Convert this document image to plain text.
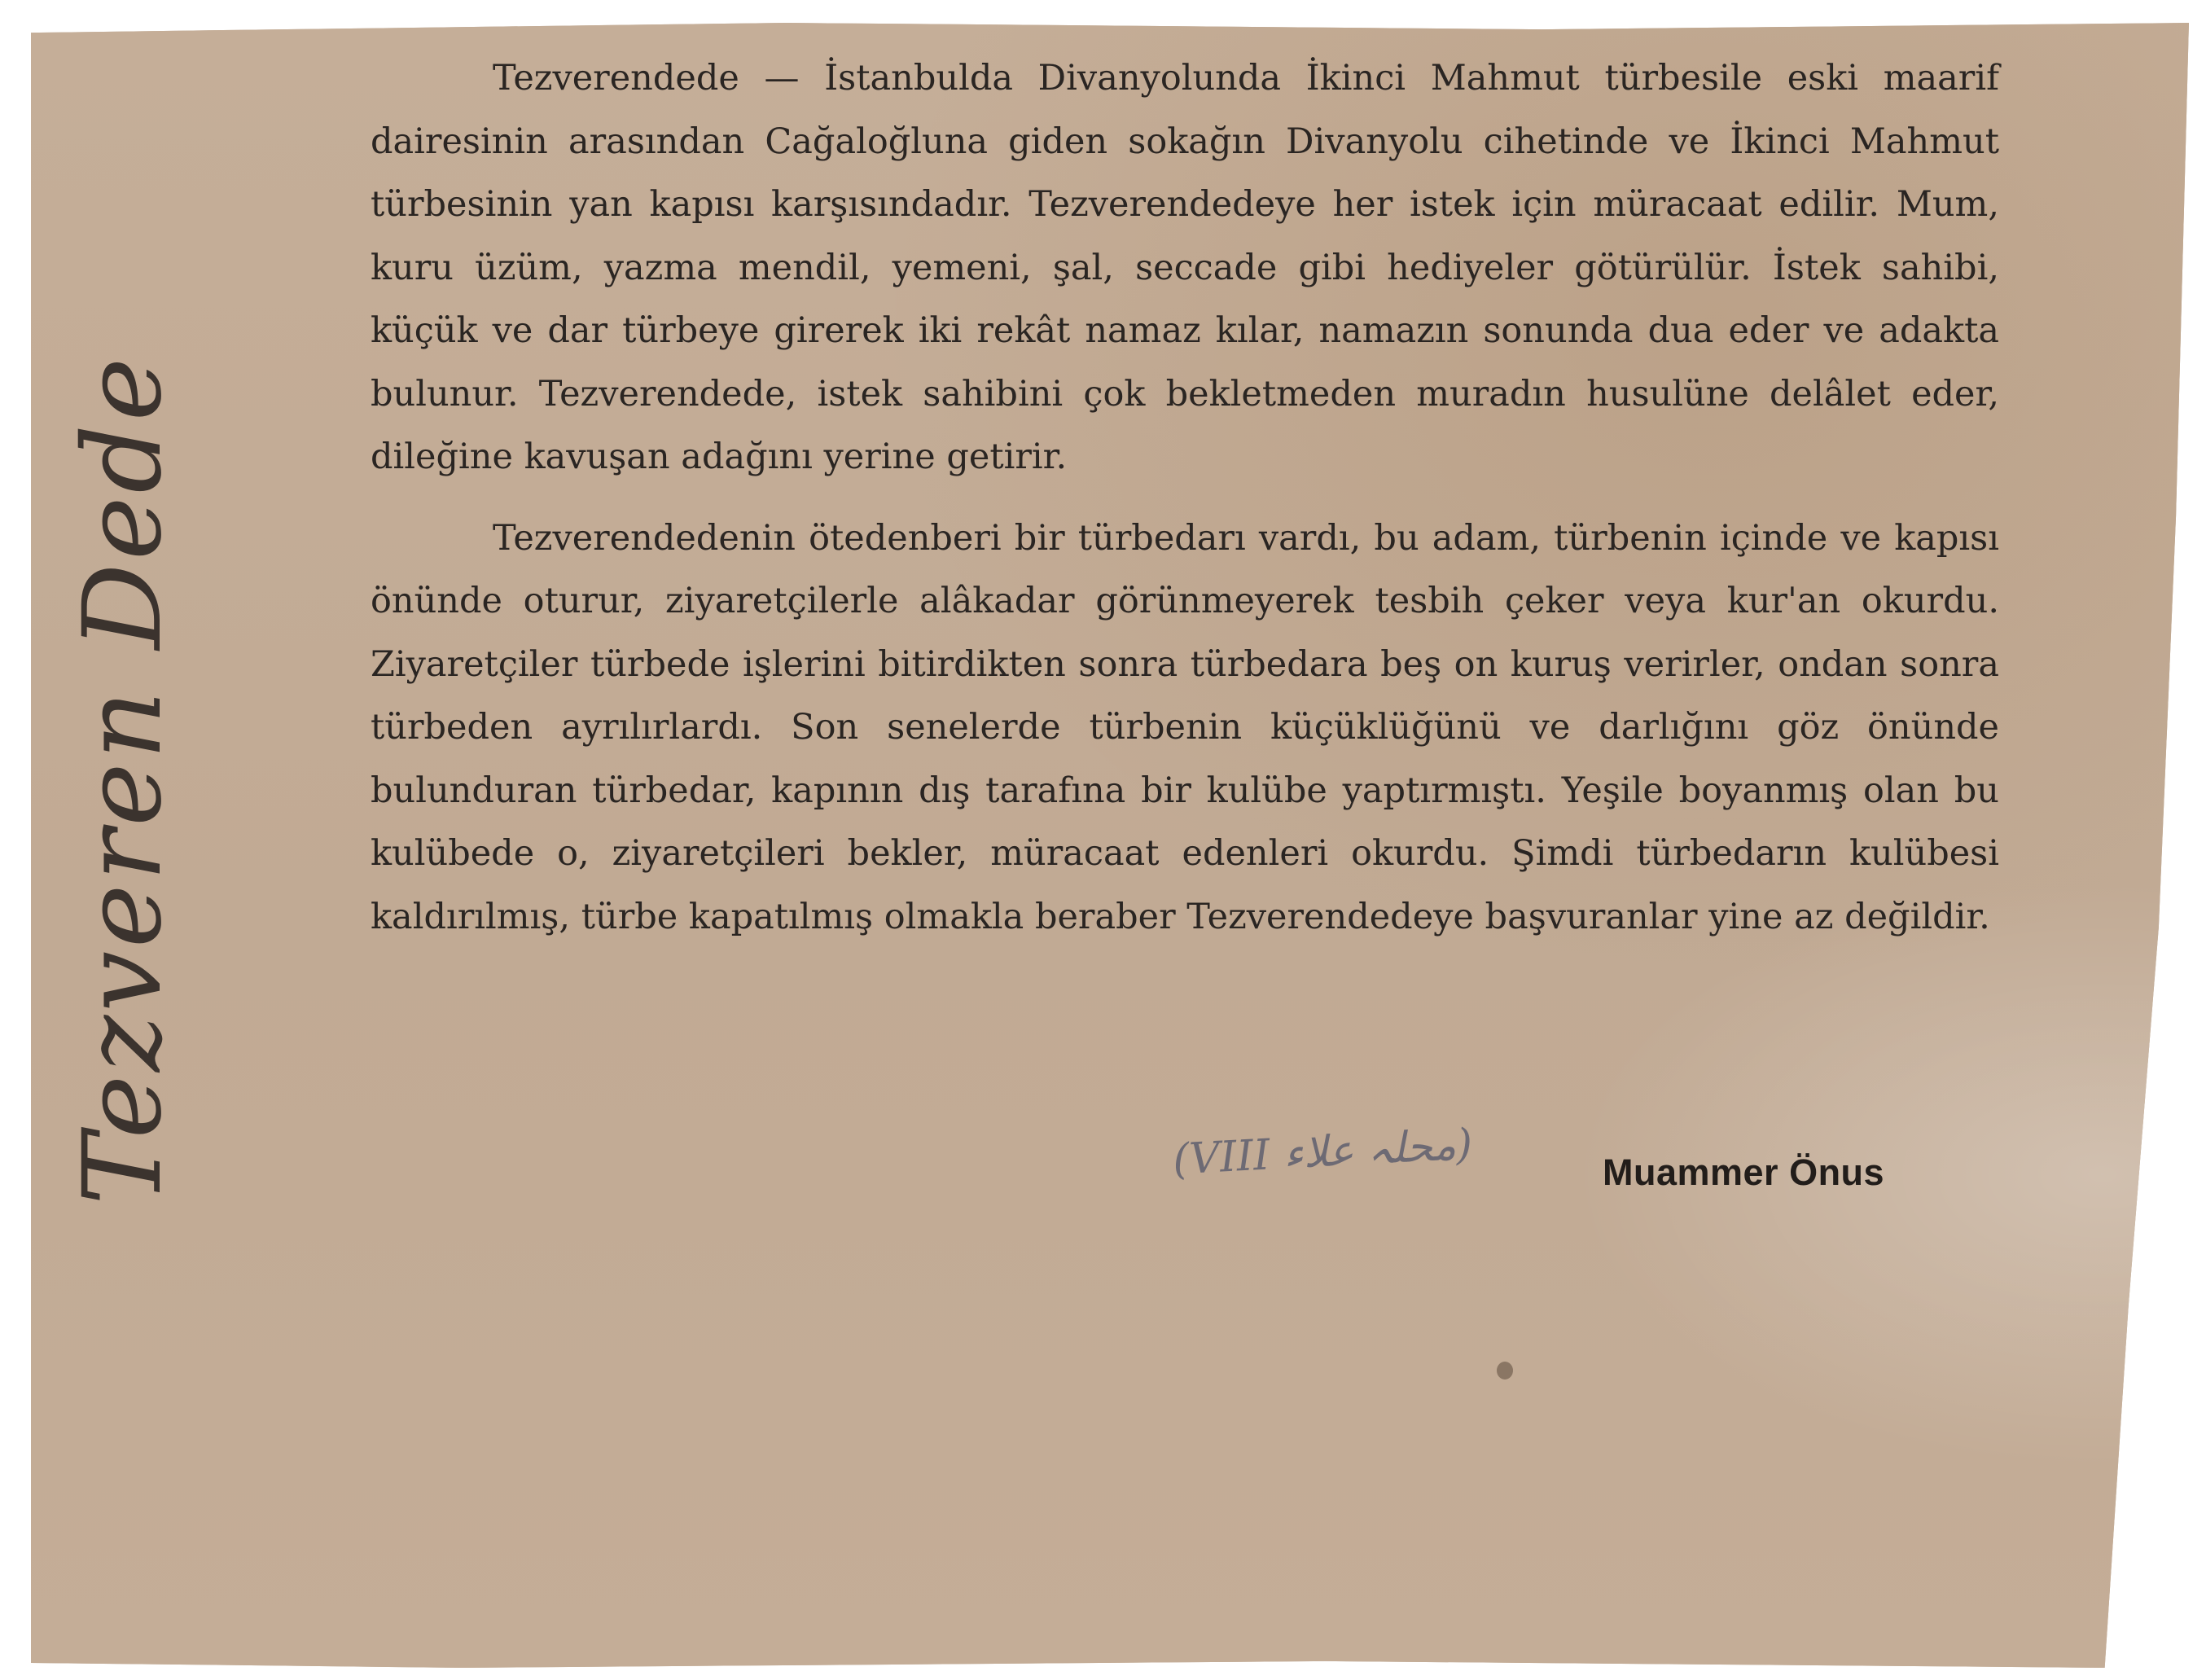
Tezveren Dede

Tezverendede — İstanbulda Divanyolunda İkinci Mahmut türbesile eski maarif dairesinin arasından Cağaloğluna giden sokağın Divanyolu cihetinde ve İkinci Mahmut türbesinin yan kapısı karşısındadır. Tezverendedeye her istek için müracaat edilir. Mum, kuru üzüm, yazma mendil, yemeni, şal, seccade gibi hediyeler götürülür. İstek sahibi, küçük ve dar türbeye girerek iki rekât namaz kılar, namazın sonunda dua eder ve adakta bulunur. Tezverendede, istek sahibini çok bekletmeden muradın husulüne delâlet eder, dileğine kavuşan adağını yerine getirir.

Tezverendedenin ötedenberi bir türbedarı vardı, bu adam, türbenin içinde ve kapısı önünde oturur, ziyaretçilerle alâkadar görünmeyerek tesbih çeker veya kur'an okurdu. Ziyaretçiler türbede işlerini bitirdikten sonra türbedara beş on kuruş verirler, ondan sonra türbeden ayrılırlardı. Son senelerde türbenin küçüklüğünü ve darlığını göz önünde bulunduran türbedar, kapının dış tarafına bir kulübe yaptırmıştı. Yeşile boyanmış olan bu kulübede o, ziyaretçileri bekler, müracaat edenleri okurdu. Şimdi türbedarın kulübesi kaldırılmış, türbe kapatılmış olmakla beraber Tezverendedeye başvuranlar yine az değildir.

(VIII محلہ علاء)
Muammer Önus
